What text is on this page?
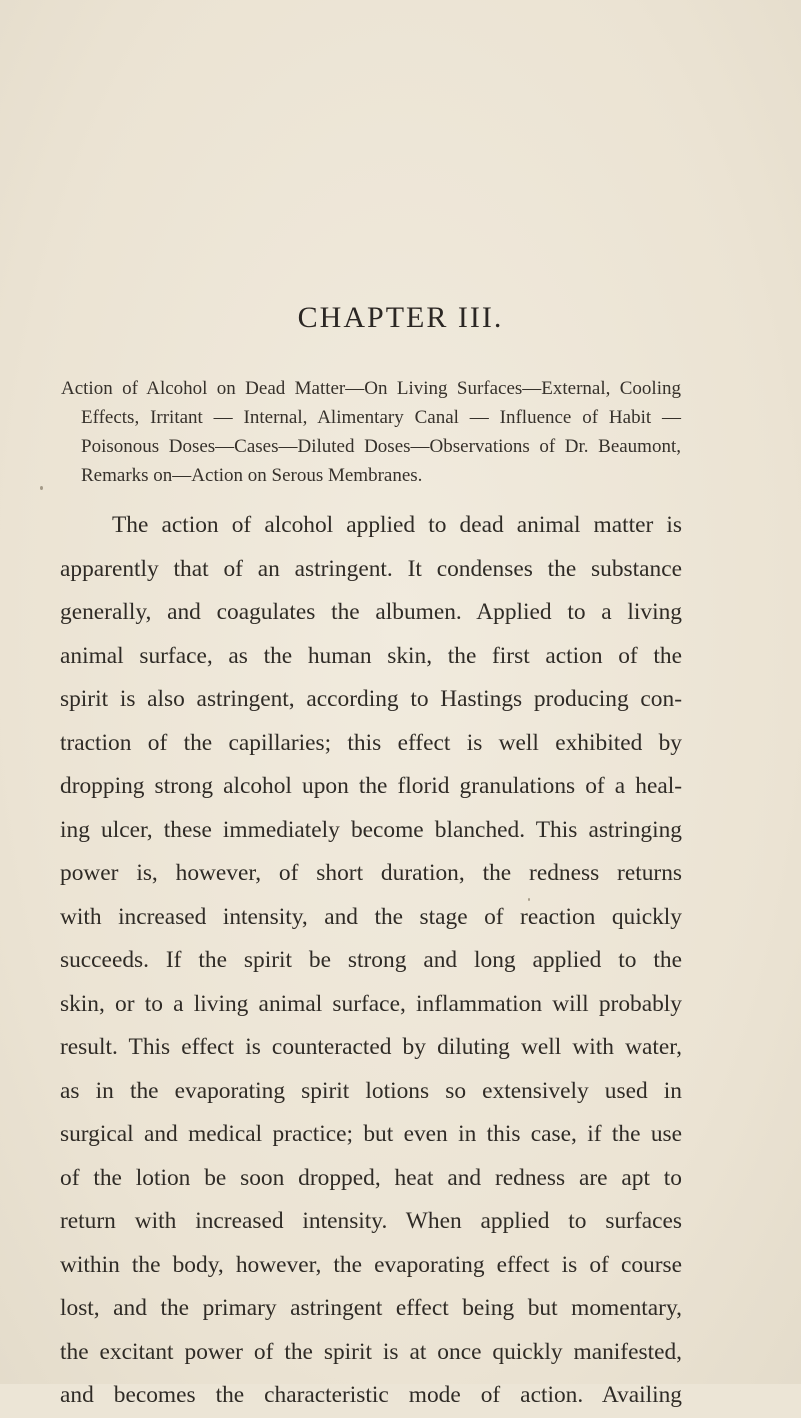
CHAPTER III.

Action of Alcohol on Dead Matter—On Living Surfaces—External, Cooling
Effects, Irritant — Internal, Alimentary Canal — Influence of Habit —
Poisonous Doses—Cases—Diluted Doses—Observations of Dr. Beaumont,
Remarks on—Action on Serous Membranes.

The action of alcohol applied to dead animal matter is
apparently that of an astringent. It condenses the substance
generally, and coagulates the albumen. Applied to a living
animal surface, as the human skin, the first action of the
spirit is also astringent, according to Hastings producing con-
traction of the capillaries; this effect is well exhibited by
dropping strong alcohol upon the florid granulations of a heal-
ing ulcer, these immediately become blanched. This astringing
power is, however, of short duration, the redness returns
with increased intensity, and the stage of reaction quickly
succeeds. If the spirit be strong and long applied to the
skin, or to a living animal surface, inflammation will probably
result. This effect is counteracted by diluting well with water,
as in the evaporating spirit lotions so extensively used in
surgical and medical practice; but even in this case, if the use
of the lotion be soon dropped, heat and redness are apt to
return with increased intensity. When applied to surfaces
within the body, however, the evaporating effect is of course
lost, and the primary astringent effect being but momentary,
the excitant power of the spirit is at once quickly manifested,
and becomes the characteristic mode of action. Availing
